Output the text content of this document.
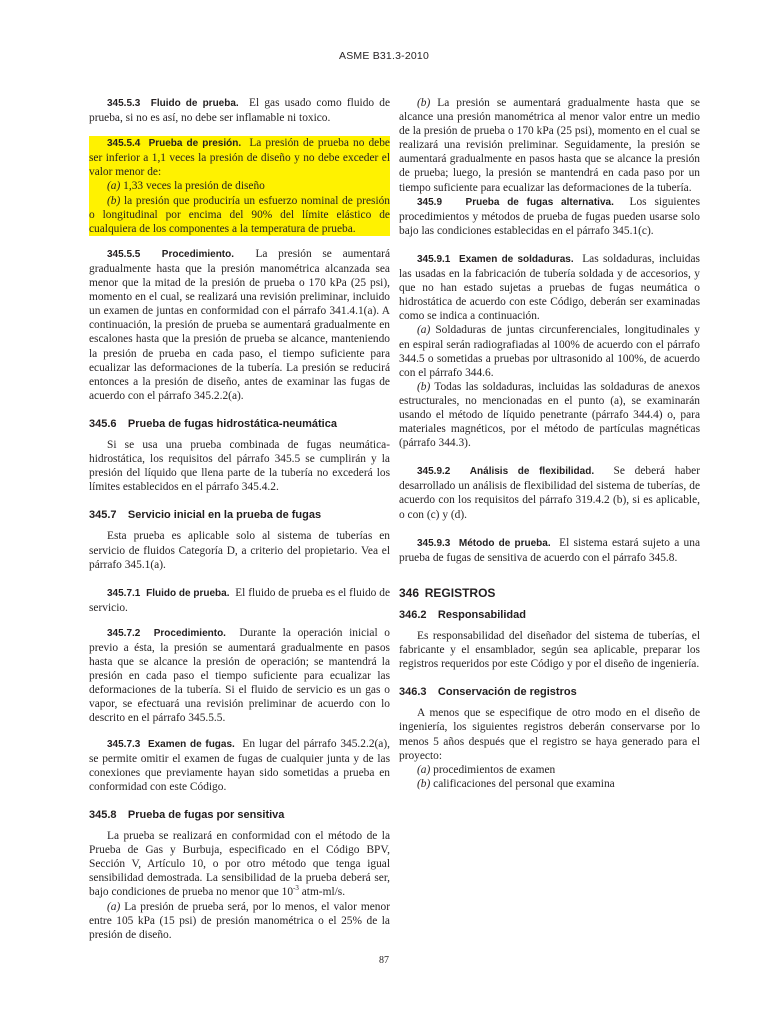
ASME B31.3-2010

345.5.3 Fluido de prueba. El gas usado como fluido de prueba, si no es así, no debe ser inflamable ni toxico.

345.5.4 Prueba de presión. La presión de prueba no debe ser inferior a 1,1 veces la presión de diseño y no debe exceder el valor menor de:

(a) 1,33 veces la presión de diseño

(b) la presión que produciría un esfuerzo nominal de presión o longitudinal por encima del 90% del límite elástico de cualquiera de los componentes a la temperatura de prueba.

345.5.5 Procedimiento. La presión se aumentará gradualmente hasta que la presión manométrica alcanzada sea menor que la mitad de la presión de prueba o 170 kPa (25 psi), momento en el cual, se realizará una revisión preliminar, incluido un examen de juntas en conformidad con el párrafo 341.4.1(a). A continuación, la presión de prueba se aumentará gradualmente en escalones hasta que la presión de prueba se alcance, manteniendo la presión de prueba en cada paso, el tiempo suficiente para ecualizar las deformaciones de la tubería. La presión se reducirá entonces a la presión de diseño, antes de examinar las fugas de acuerdo con el párrafo 345.2.2(a).

345.6 Prueba de fugas hidrostática-neumática

Si se usa una prueba combinada de fugas neumática-hidrostática, los requisitos del párrafo 345.5 se cumplirán y la presión del líquido que llena parte de la tubería no excederá los límites establecidos en el párrafo 345.4.2.

345.7 Servicio inicial en la prueba de fugas

Esta prueba es aplicable solo al sistema de tuberías en servicio de fluidos Categoría D, a criterio del propietario. Vea el párrafo 345.1(a).

345.7.1 Fluido de prueba. El fluido de prueba es el fluido de servicio.

345.7.2 Procedimiento. Durante la operación inicial o previo a ésta, la presión se aumentará gradualmente en pasos hasta que se alcance la presión de operación; se mantendrá la presión en cada paso el tiempo suficiente para ecualizar las deformaciones de la tubería. Si el fluido de servicio es un gas o vapor, se efectuará una revisión preliminar de acuerdo con lo descrito en el párrafo 345.5.5.

345.7.3 Examen de fugas. En lugar del párrafo 345.2.2(a), se permite omitir el examen de fugas de cualquier junta y de las conexiones que previamente hayan sido sometidas a prueba en conformidad con este Código.

345.8 Prueba de fugas por sensitiva

La prueba se realizará en conformidad con el método de la Prueba de Gas y Burbuja, especificado en el Código BPV, Sección V, Artículo 10, o por otro método que tenga igual sensibilidad demostrada. La sensibilidad de la prueba deberá ser, bajo condiciones de prueba no menor que $10^{-3}$ atm-ml/s.

(a) La presión de prueba será, por lo menos, el valor menor entre 105 kPa (15 psi) de presión manométrica o el 25% de la presión de diseño.

(b) La presión se aumentará gradualmente hasta que se alcance una presión manométrica al menor valor entre un medio de la presión de prueba o 170 kPa (25 psi), momento en el cual se realizará una revisión preliminar. Seguidamente, la presión se aumentará gradualmente en pasos hasta que se alcance la presión de prueba; luego, la presión se mantendrá en cada paso por un tiempo suficiente para ecualizar las deformaciones de la tubería.

345.9 Prueba de fugas alternativa. Los siguientes procedimientos y métodos de prueba de fugas pueden usarse solo bajo las condiciones establecidas en el párrafo 345.1(c).

345.9.1 Examen de soldaduras. Las soldaduras, incluidas las usadas en la fabricación de tubería soldada y de accesorios, y que no han estado sujetas a pruebas de fugas neumática o hidrostática de acuerdo con este Código, deberán ser examinadas como se indica a continuación.

(a) Soldaduras de juntas circunferenciales, longitudinales y en espiral serán radiografiadas al 100% de acuerdo con el párrafo 344.5 o sometidas a pruebas por ultrasonido al 100%, de acuerdo con el párrafo 344.6.

(b) Todas las soldaduras, incluidas las soldaduras de anexos estructurales, no mencionadas en el punto (a), se examinarán usando el método de líquido penetrante (párrafo 344.4) o, para materiales magnéticos, por el método de partículas magnéticas (párrafo 344.3).

345.9.2 Análisis de flexibilidad. Se deberá haber desarrollado un análisis de flexibilidad del sistema de tuberías, de acuerdo con los requisitos del párrafo 319.4.2 (b), si es aplicable, o con (c) y (d).

345.9.3 Método de prueba. El sistema estará sujeto a una prueba de fugas de sensitiva de acuerdo con el párrafo 345.8.

346 REGISTROS

346.2 Responsabilidad

Es responsabilidad del diseñador del sistema de tuberías, el fabricante y el ensamblador, según sea aplicable, preparar los registros requeridos por este Código y por el diseño de ingeniería.

346.3 Conservación de registros

A menos que se especifique de otro modo en el diseño de ingeniería, los siguientes registros deberán conservarse por lo menos 5 años después que el registro se haya generado para el proyecto:

(a) procedimientos de examen

(b) calificaciones del personal que examina

87
